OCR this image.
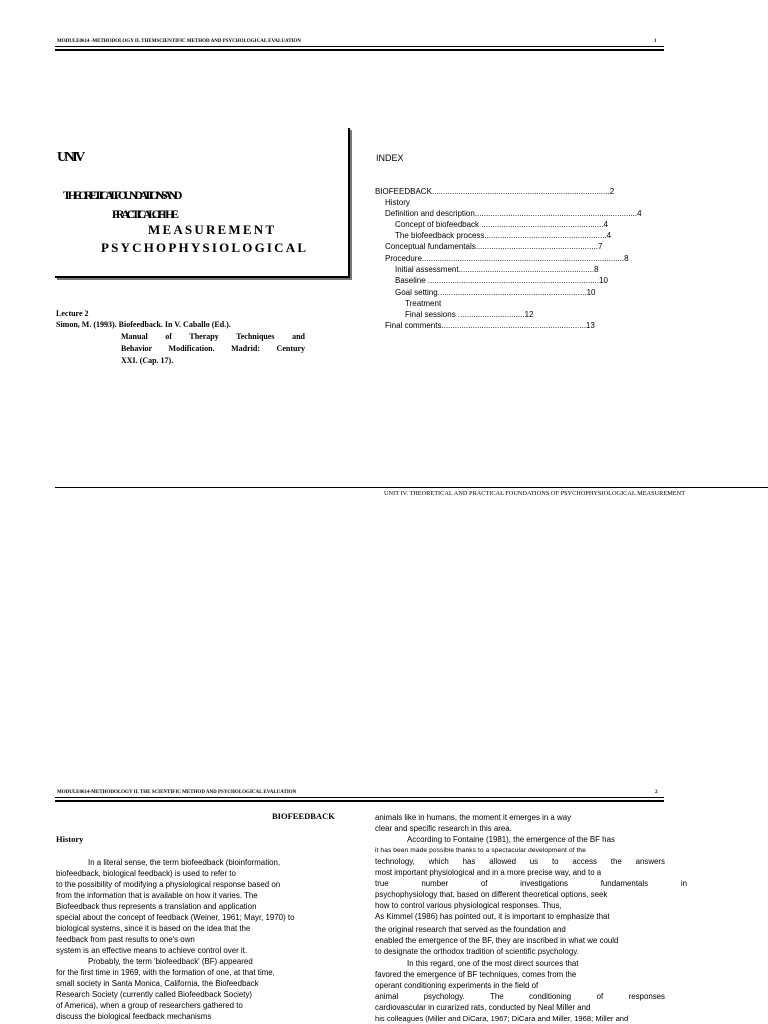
MODULE0614 -METHODOLOGY II. THEMSCIENTIFIC METHOD AND PSYCHOLOGICAL EVALUATION	1
UNIV
THEORETICAL FOUNDATIONS AND
PRACTICAL OF THE
MEASUREMENT
PSYCHOPHYSIOLOGICAL
Lecture 2
Simon, M. (1993). Biofeedback. In V. Caballo (Ed.).
Manual of Therapy Techniques and
Behavior Modification. Madrid: Century
XXI. (Cap. 17).
INDEX
BIOFEEDBACK................................................................................2
History
Definition and description.........................................................................4
Concept of biofeedback .......................................................4
The biofeedback process.......................................................4
Conceptual fundamentals.......................................................7
Procedure...........................................................................................8
Initial assessment.............................................................8
Baseline .............................................................................10
Goal setting...................................................................10
Treatment
Final sessions ..............................12
Final comments.................................................................13
UNIT IV. THEORETICAL AND PRACTICAL FOUNDATIONS OF PSYCHOPHYSIOLOGICAL MEASUREMENT
MODULE0614-METHODOLOGY II. THE SCIENTIFIC METHOD AND PSYCHOLOGICAL EVALUATION	2
BIOFEEDBACK
History
In a literal sense, the term biofeedback (bioinformation,
biofeedback, biological feedback) is used to refer to
to the possibility of modifying a physiological response based on
from the information that is available on how it varies. The
Biofeedback thus represents a translation and application
special about the concept of feedback (Weiner, 1961; Mayr, 1970) to
biological systems, since it is based on the idea that the
feedback from past results to one's own
system is an effective means to achieve control over it.
Probably, the term 'biofeedback' (BF) appeared
for the first time in 1969, with the formation of one, at that time,
small society in Santa Monica, California, the Biofeedback
Research Society (currently called Biofeedback Society)
of America), when a group of researchers gathered to
discuss the biological feedback mechanisms
animals like in humans, the moment it emerges in a way
clear and specific research in this area.
According to Fontaine (1981), the emergence of the BF has
it has been made possible thanks to a spectacular development of the
technology, which has allowed us to access the answers
most important physiological and in a more precise way, and to a
true number of investigations fundamentals in
psychophysiology that, based on different theoretical options, seek
how to control various physiological responses. Thus,
As Kimmel (1986) has pointed out, it is important to emphasize that
the original research that served as the foundation and
enabled the emergence of the BF, they are inscribed in what we could
to designate the orthodox tradition of scientific psychology.
In this regard, one of the most direct sources that
favored the emergence of BF techniques, comes from the
operant conditioning experiments in the field of
animal psychology. The conditioning of responses
cardiovascular in curarized rats, conducted by Neal Miller and
his colleagues (Miller and DiCara, 1967; DiCara and Miller, 1968; Miller and
